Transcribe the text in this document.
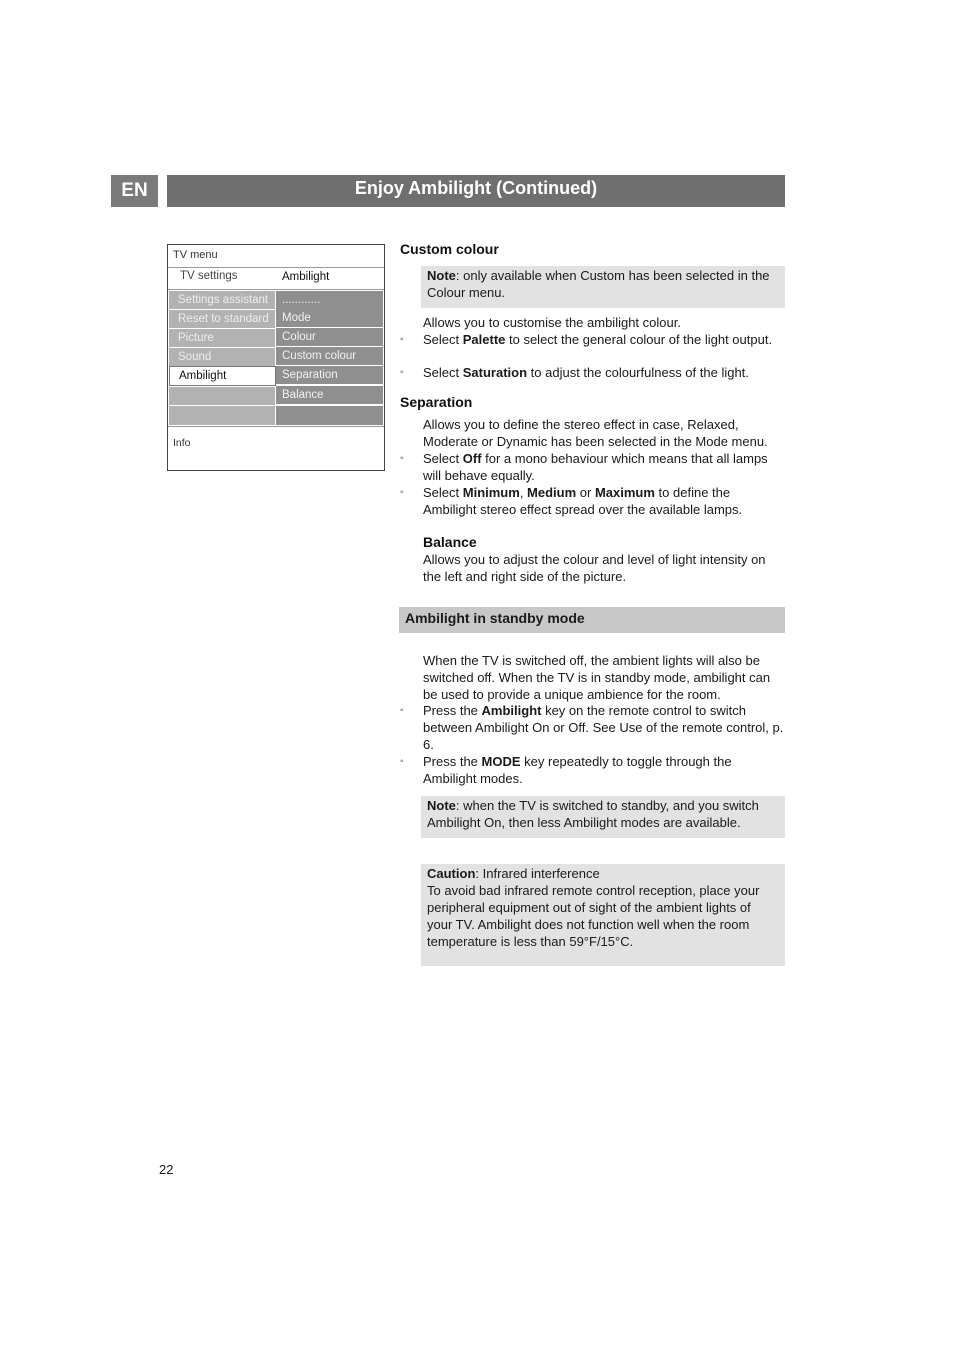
EN	Enjoy Ambilight (Continued)
TV menu
TV settings	Ambilight
Settings assistant
Reset to standard
Picture
Sound
Ambilight
............
Mode
Colour
Custom colour
Separation
Balance
Info
Custom colour
Note: only available when Custom has been selected in the Colour menu.
Allows you to customise the ambilight colour.
◦ Select Palette to select the general colour of the light output.
◦ Select Saturation to adjust the colourfulness of the light.
Separation
Allows you to define the stereo effect in case, Relaxed, Moderate or Dynamic has been selected in the Mode menu.
◦ Select Off for a mono behaviour which means that all lamps will behave equally.
◦ Select Minimum, Medium or Maximum to define the Ambilight stereo effect spread over the available lamps.
Balance
Allows you to adjust the colour and level of light intensity on the left and right side of the picture.
Ambilight in standby mode
When the TV is switched off, the ambient lights will also be switched off. When the TV is in standby mode, ambilight can be used to provide a unique ambience for the room.
◦ Press the Ambilight key on the remote control to switch between Ambilight On or Off. See Use of the remote control, p. 6.
◦ Press the MODE key repeatedly to toggle through the Ambilight modes.
Note: when the TV is switched to standby, and you switch Ambilight On, then less Ambilight modes are available.
Caution: Infrared interference
To avoid bad infrared remote control reception, place your peripheral equipment out of sight of the ambient lights of your TV. Ambilight does not function well when the room temperature is less than 59°F/15°C.
22
